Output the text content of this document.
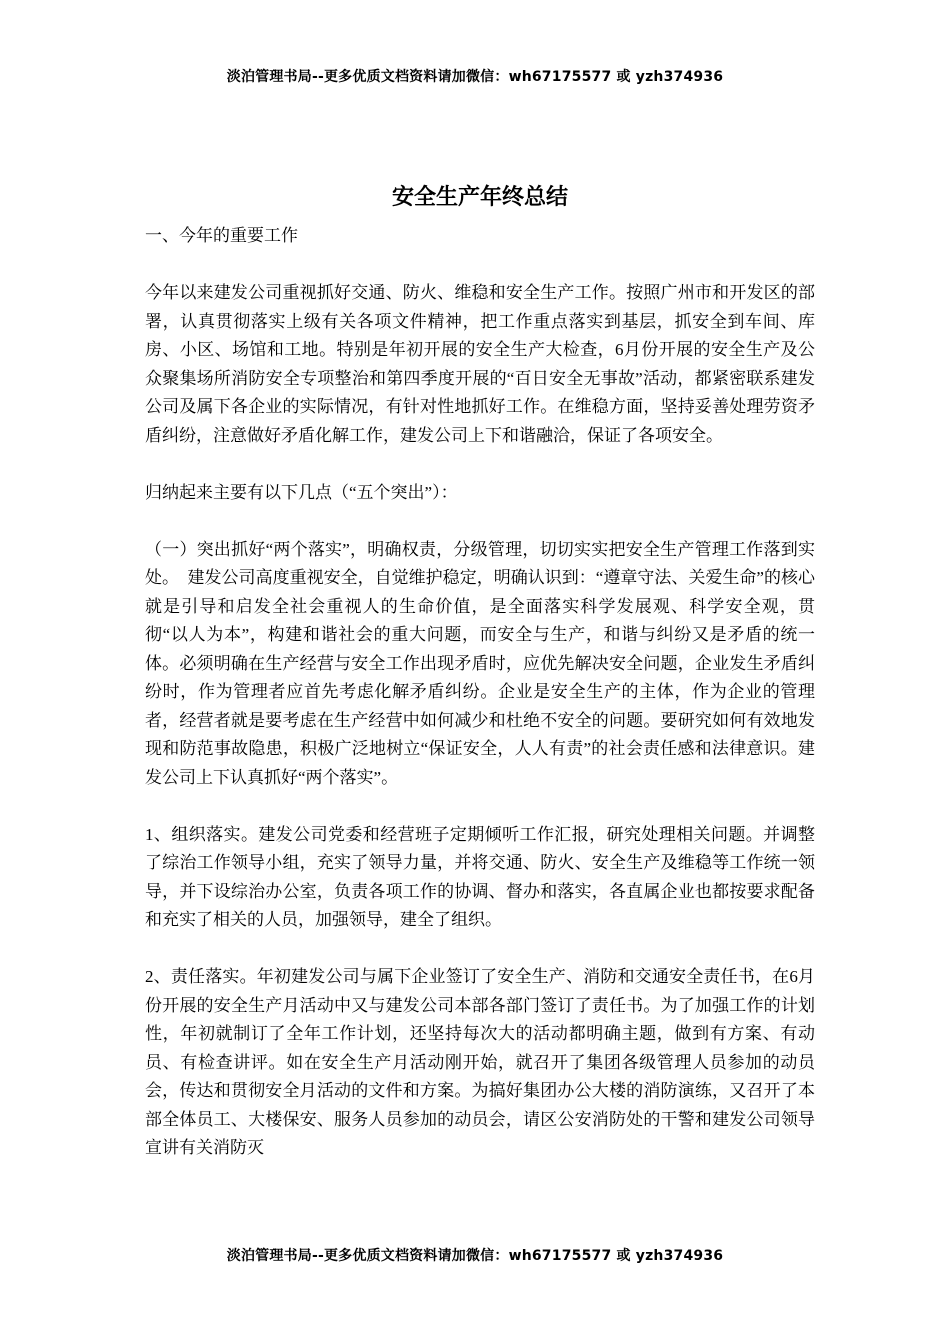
淡泊管理书局--更多优质文档资料请加微信：wh67175577 或 yzh374936
安全生产年终总结

一、今年的重要工作

今年以来建发公司重视抓好交通、防火、维稳和安全生产工作。按照广州市和开发区的部署，认真贯彻落实上级有关各项文件精神，把工作重点落实到基层，抓安全到车间、库房、小区、场馆和工地。特别是年初开展的安全生产大检查，6月份开展的安全生产及公众聚集场所消防安全专项整治和第四季度开展的“百日安全无事故”活动，都紧密联系建发公司及属下各企业的实际情况，有针对性地抓好工作。在维稳方面，坚持妥善处理劳资矛盾纠纷，注意做好矛盾化解工作，建发公司上下和谐融洽，保证了各项安全。

归纳起来主要有以下几点（“五个突出”）：

（一）突出抓好“两个落实”，明确权责，分级管理，切切实实把安全生产管理工作落到实处。　建发公司高度重视安全，自觉维护稳定，明确认识到：“遵章守法、关爱生命”的核心就是引导和启发全社会重视人的生命价值，是全面落实科学发展观、科学安全观，贯彻“以人为本”，构建和谐社会的重大问题，而安全与生产，和谐与纠纷又是矛盾的统一体。必须明确在生产经营与安全工作出现矛盾时，应优先解决安全问题，企业发生矛盾纠纷时，作为管理者应首先考虑化解矛盾纠纷。企业是安全生产的主体，作为企业的管理者，经营者就是要考虑在生产经营中如何减少和杜绝不安全的问题。要研究如何有效地发现和防范事故隐患，积极广泛地树立“保证安全，人人有责”的社会责任感和法律意识。建发公司上下认真抓好“两个落实”。

1、组织落实。建发公司党委和经营班子定期倾听工作汇报，研究处理相关问题。并调整了综治工作领导小组，充实了领导力量，并将交通、防火、安全生产及维稳等工作统一领导，并下设综治办公室，负责各项工作的协调、督办和落实，各直属企业也都按要求配备和充实了相关的人员，加强领导，建全了组织。

2、责任落实。年初建发公司与属下企业签订了安全生产、消防和交通安全责任书，在6月份开展的安全生产月活动中又与建发公司本部各部门签订了责任书。为了加强工作的计划性，年初就制订了全年工作计划，还坚持每次大的活动都明确主题，做到有方案、有动员、有检查讲评。如在安全生产月活动刚开始，就召开了集团各级管理人员参加的动员会，传达和贯彻安全月活动的文件和方案。为搞好集团办公大楼的消防演练，又召开了本部全体员工、大楼保安、服务人员参加的动员会，请区公安消防处的干警和建发公司领导宣讲有关消防灭

淡泊管理书局--更多优质文档资料请加微信：wh67175577 或 yzh374936
